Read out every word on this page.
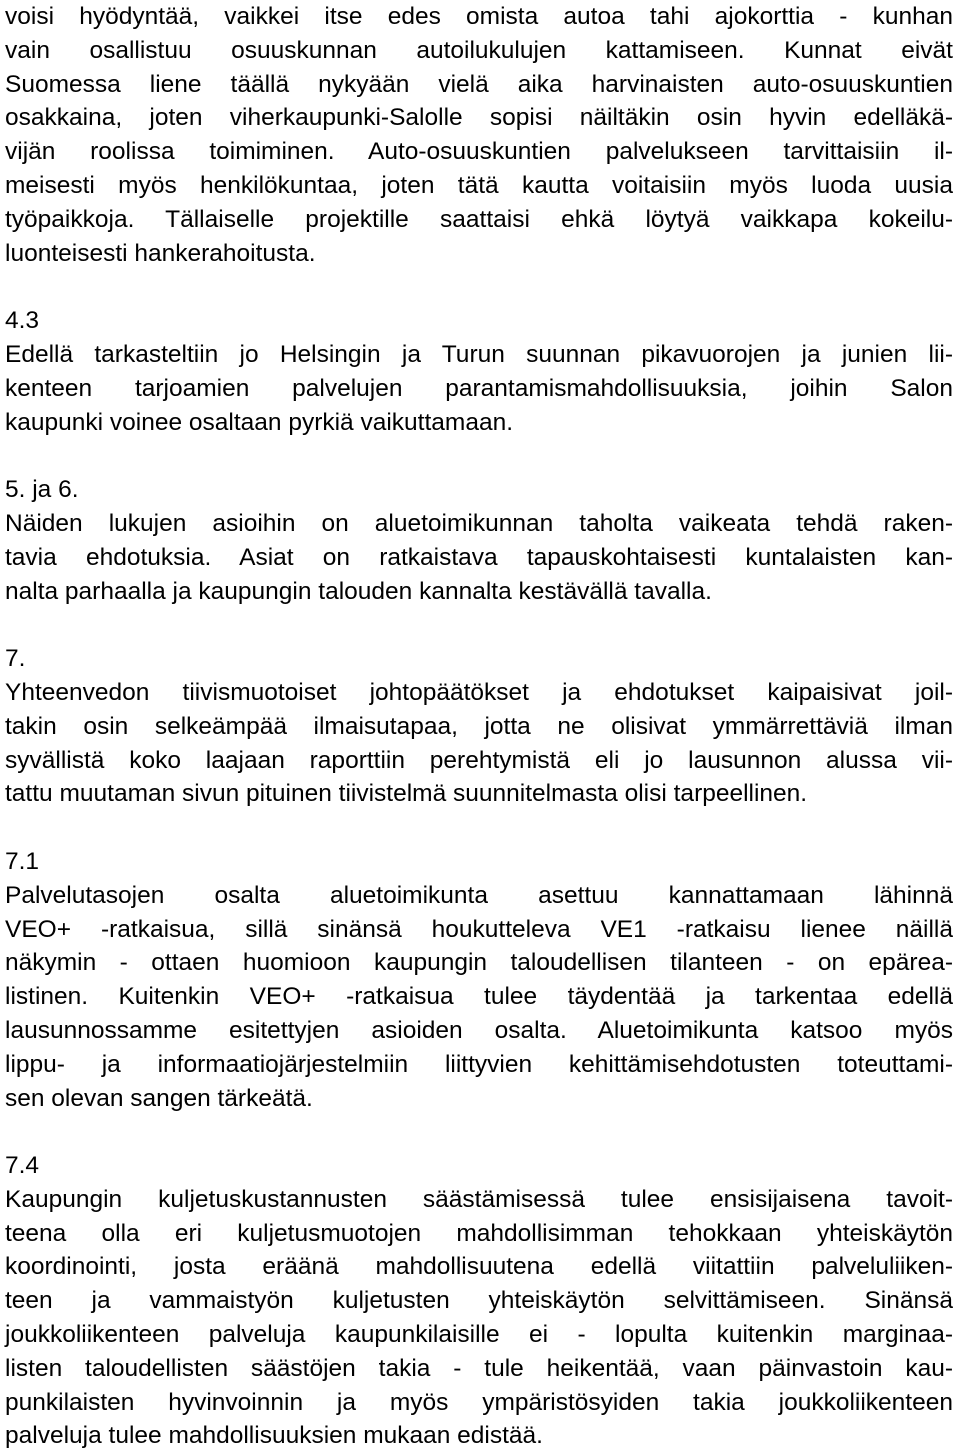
voisi hyödyntää, vaikkei itse edes omista autoa tahi ajokorttia - kunhan
vain osallistuu osuuskunnan autoilukulujen kattamiseen. Kunnat eivät
Suomessa liene täällä nykyään vielä aika harvinaisten auto-osuuskuntien
osakkaina, joten viherkaupunki-Salolle sopisi näiltäkin osin hyvin edelläkä-
vijän roolissa toimiminen. Auto-osuuskuntien palvelukseen tarvittaisiin il-
meisesti myös henkilökuntaa, joten tätä kautta voitaisiin myös luoda uusia
työpaikkoja. Tällaiselle projektille saattaisi ehkä löytyä vaikkapa kokeilu-
luonteisesti hankerahoitusta.
4.3
Edellä tarkasteltiin jo Helsingin ja Turun suunnan pikavuorojen ja junien lii-
kenteen tarjoamien palvelujen parantamismahdollisuuksia, joihin Salon
kaupunki voinee osaltaan pyrkiä vaikuttamaan.
5. ja 6.
Näiden lukujen asioihin on aluetoimikunnan taholta vaikeata tehdä raken-
tavia ehdotuksia. Asiat on ratkaistava tapauskohtaisesti kuntalaisten kan-
nalta parhaalla ja kaupungin talouden kannalta kestävällä tavalla.
7.
Yhteenvedon tiivismuotoiset johtopäätökset ja ehdotukset kaipaisivat joil-
takin osin selkeämpää ilmaisutapaa, jotta ne olisivat ymmärrettäviä ilman
syvällistä koko laajaan raporttiin perehtymistä eli jo lausunnon alussa vii-
tattu muutaman sivun pituinen tiivistelmä suunnitelmasta olisi tarpeellinen.
7.1
Palvelutasojen osalta aluetoimikunta asettuu kannattamaan lähinnä
VEO+ -ratkaisua, sillä sinänsä houkutteleva VE1 -ratkaisu lienee näillä
näkymin - ottaen huomioon kaupungin taloudellisen tilanteen - on epärea-
listinen. Kuitenkin VEO+ -ratkaisua tulee täydentää ja tarkentaa edellä
lausunnossamme esitettyjen asioiden osalta. Aluetoimikunta katsoo myös
lippu- ja informaatiojärjestelmiin liittyvien kehittämisehdotusten toteuttami-
sen olevan sangen tärkeätä.
7.4
Kaupungin kuljetuskustannusten säästämisessä tulee ensisijaisena tavoit-
teena olla eri kuljetusmuotojen mahdollisimman tehokkaan yhteiskäytön
koordinointi, josta eräänä mahdollisuutena edellä viitattiin palveluliiken-
teen ja vammaistyön kuljetusten yhteiskäytön selvittämiseen. Sinänsä
joukkoliikenteen palveluja kaupunkilaisille ei - lopulta kuitenkin marginaa-
listen taloudellisten säästöjen takia - tule heikentää, vaan päinvastoin kau-
punkilaisten hyvinvoinnin ja myös ympäristösyiden takia joukkoliikenteen
palveluja tulee mahdollisuuksien mukaan edistää.
